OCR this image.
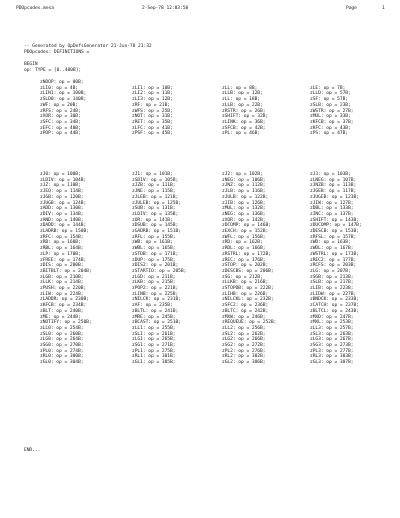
PDOpcodes.mesa	2-Sep-78 12:03:58	Page	1
-- Generated by OpDefsGenerator 21-Jun-78 21:32
PDOpcodes: DEFINITIONS =
BEGIN
op: TYPE = [0..400B];
zNOOP: op = 00B;
zLI0: op = 4B;	zLI1: op = 10B;	zLL: op = 8B;	zLE: op = 7B;
zLIN1: op = 100B;	zLI2: op = 11B;	zLLB: op = 12B;	zLLD: op = 57B;
zSLD0: op = 140B;	zLI3: op = 12B;	zLL: op = 18B;	zSF: op = 57B;
zWF: op = 20B;	zRF: op = 21B;	zLLB: op = 22B;	zSLB: op = 23B;
zRFS: op = 24B;	zWFS: op = 25B;	zRSTR: op = 26B;	zWSTR: op = 27B;
zXOR: op = 30B;	zNOT: op = 31B;	zSHIFT: op = 32B;	zMUL: op = 33B;
zSFC: op = 34B;	zRET: op = 35B;	zLINK: op = 36B;	zKFCB: op = 37B;
zEFC: op = 40B;	zLFC: op = 41B;	zSFCB: op = 42B;	zKFC: op = 43B;
zPOP: op = 44B;	zPSF: op = 45B;	zPL: op = 46B;	zPS: op = 47B;
zJ0: op = 100B;	zJ1: op = 101B;	zJ2: op = 102B;	zJ3: op = 103B;
zLDIV: op = 104B;	zSDIV: op = 105B;	zNEG: op = 106B;	zLNEG: op = 107B;
zJZ: op = 110B;	zJZB: op = 111B;	zJNZ: op = 112B;	zJNZB: op = 113B;
zJEQ: op = 114B;	zJNE: op = 115B;	zJLB: op = 116B;	zJGEB: op = 117B;
zJGB: op = 120B;	zJLEB: op = 121B;	zJULB: op = 122B;	zJUGEB: op = 123B;
zJUGB: op = 124B;	zJULEB: op = 125B;	zJIB: op = 126B;	zJIW: op = 127B;
zADD: op = 130B;	zSUB: op = 131B;	zMUL: op = 132B;	zDBL: op = 133B;
zDIV: op = 134B;	zLDIV: op = 135B;	zNEG: op = 136B;	zINC: op = 137B;
zAND: op = 140B;	zOR: op = 141B;	zXOR: op = 142B;	zSHIFT: op = 143B;
zDADD: op = 144B;	zDSUB: op = 145B;	zDCOMP: op = 146B;	zDUCOMP: op = 147B;
zLADRB: op = 150B;	zGADRB: op = 151B;	zEXCH: op = 152B;	zDESCB: op = 153B;
zRFC: op = 154B;	zRFL: op = 155B;	zWFL: op = 156B;	zRFSL: op = 157B;
zRB: op = 160B;	zWB: op = 161B;	zRD: op = 162B;	zWD: op = 163B;
zRBL: op = 164B;	zWBL: op = 165B;	zRDL: op = 166B;	zWDL: op = 167B;
zLP: op = 170B;	zSTDB: op = 171B;	zRSTRL: op = 172B;	zWSTRL: op = 173B;
zFREE: op = 174B;	zDUP: op = 175B;	zREC: op = 176B;	zREC2: op = 177B;
zDIS: op = 200B;	zDIS2: op = 201B;	zSTOP: op = 202B;	zRCFS: op = 203B;
zBITBLT: op = 204B;	zSTARTIO: op = 205B;	zDESCBS: op = 206B;	zLG: op = 207B;
zLGB: op = 210B;	zLGD: op = 211B;	zSG: op = 212B;	zSGB: op = 213B;
zLLK: op = 214B;	zLKB: op = 215B;	zLLKB: op = 216B;	zSLB: op = 217B;
zPUSH: op = 220B;	zPOP2: op = 221B;	zSTOPDB: op = 222B;	zLIB: op = 223B;
zLIW: op = 224B;	zLINB: op = 225B;	zLIHB: op = 226B;	zLIDW: op = 227B;
zLADDR: op = 230B;	zNILCK: op = 231B;	zNILCKL: op = 232B;	zBNDCK: op = 233B;
zKFCB: op = 234B;	zAF: op = 235B;	zSFC2: op = 236B;	zCATCH: op = 237B;
zBLT: op = 240B;	zBLTL: op = 241B;	zBLTC: op = 242B;	zBLTCL: op = 243B;
zME: op = 244B;	zMRE: op = 245B;	zMXW: op = 246B;	zMXD: op = 247B;
zNOTIFY: op = 250B;	zBCAST: op = 251B;	zREQUEUE: op = 252B;	zMXL: op = 253B;
zLL0: op = 254B;	zLL1: op = 255B;	zLL2: op = 256B;	zLL3: op = 257B;
zSL0: op = 260B;	zSL1: op = 261B;	zSL2: op = 262B;	zSL3: op = 263B;
zLG0: op = 264B;	zLG1: op = 265B;	zLG2: op = 266B;	zLG3: op = 267B;
zSG0: op = 270B;	zSG1: op = 271B;	zSG2: op = 272B;	zSG3: op = 273B;
zPL0: op = 274B;	zPL1: op = 275B;	zPL2: op = 276B;	zPL3: op = 277B;
zRL0: op = 300B;	zRL1: op = 301B;	zRL2: op = 302B;	zRL3: op = 303B;
zGL0: op = 304B;	zGL1: op = 305B;	zGL2: op = 306B;	zGL3: op = 307B;
END...
